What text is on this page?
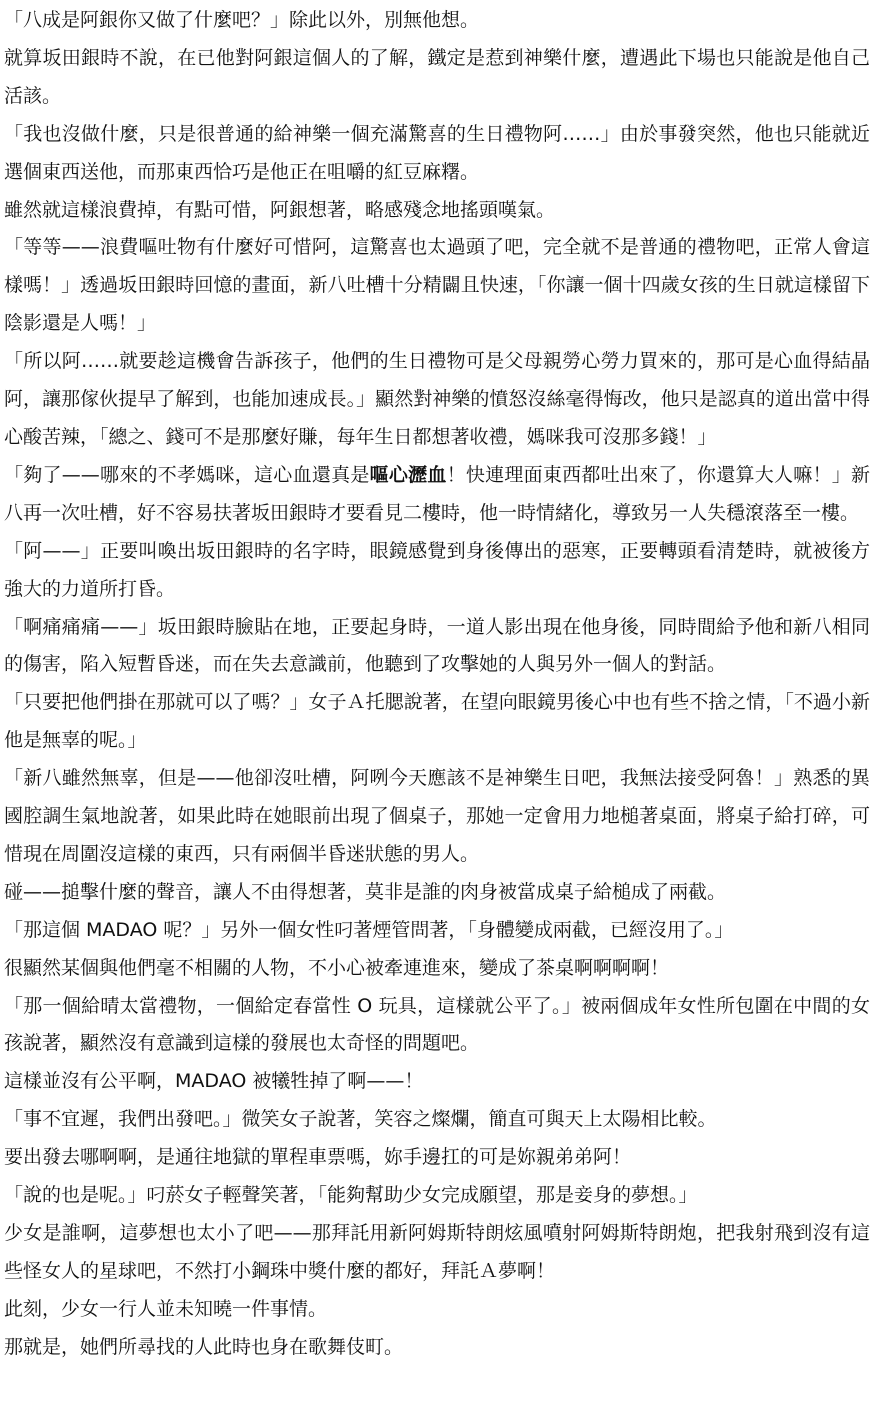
「八成是阿銀你又做了什麼吧？」除此以外，別無他想。

就算坂田銀時不說，在已他對阿銀這個人的了解，鐵定是惹到神樂什麼，遭遇此下場也只能說是他自己活該。

「我也沒做什麼，只是很普通的給神樂一個充滿驚喜的生日禮物阿……」由於事發突然，他也只能就近選個東西送他，而那東西恰巧是他正在咀嚼的紅豆麻糬。

雖然就這樣浪費掉，有點可惜，阿銀想著，略感殘念地搖頭嘆氣。

「等等——浪費嘔吐物有什麼好可惜阿，這驚喜也太過頭了吧，完全就不是普通的禮物吧，正常人會這樣嗎！」透過坂田銀時回憶的畫面，新八吐槽十分精闢且快速，「你讓一個十四歲女孩的生日就這樣留下陰影還是人嗎！」

「所以阿……就要趁這機會告訴孩子，他們的生日禮物可是父母親勞心勞力買來的，那可是心血得結晶阿，讓那傢伙提早了解到，也能加速成長。」顯然對神樂的憤怒沒絲毫得悔改，他只是認真的道出當中得心酸苦辣，「總之、錢可不是那麼好賺，每年生日都想著收禮，媽咪我可沒那多錢！」

「夠了——哪來的不孝媽咪，這心血還真是嘔心瀝血！快連理面東西都吐出來了，你還算大人嘛！」新八再一次吐槽，好不容易扶著坂田銀時才要看見二樓時，他一時情緒化，導致另一人失穩滾落至一樓。

「阿——」正要叫喚出坂田銀時的名字時，眼鏡感覺到身後傳出的惡寒，正要轉頭看清楚時，就被後方強大的力道所打昏。

「啊痛痛痛——」坂田銀時臉貼在地，正要起身時，一道人影出現在他身後，同時間給予他和新八相同的傷害，陷入短暫昏迷，而在失去意識前，他聽到了攻擊她的人與另外一個人的對話。

「只要把他們掛在那就可以了嗎？」女子Ａ托腮說著，在望向眼鏡男後心中也有些不捨之情，「不過小新他是無辜的呢。」

「新八雖然無辜，但是——他卻沒吐槽，阿咧今天應該不是神樂生日吧，我無法接受阿魯！」熟悉的異國腔調生氣地說著，如果此時在她眼前出現了個桌子，那她一定會用力地槌著桌面，將桌子給打碎，可惜現在周圍沒這樣的東西，只有兩個半昏迷狀態的男人。

碰——搥擊什麼的聲音，讓人不由得想著，莫非是誰的肉身被當成桌子給槌成了兩截。

「那這個 MADAO 呢？」另外一個女性叼著煙管問著，「身體變成兩截，已經沒用了。」

很顯然某個與他們毫不相關的人物，不小心被牽連進來，變成了茶桌啊啊啊啊！

「那一個給晴太當禮物，一個給定春當性 O 玩具，這樣就公平了。」被兩個成年女性所包圍在中間的女孩說著，顯然沒有意識到這樣的發展也太奇怪的問題吧。

這樣並沒有公平啊，MADAO 被犧牲掉了啊——！

「事不宜遲，我們出發吧。」微笑女子說著，笑容之燦爛，簡直可與天上太陽相比較。

要出發去哪啊啊，是通往地獄的單程車票嗎，妳手邊扛的可是妳親弟弟阿！

「說的也是呢。」叼菸女子輕聲笑著，「能夠幫助少女完成願望，那是妾身的夢想。」

少女是誰啊，這夢想也太小了吧——那拜託用新阿姆斯特朗炫風噴射阿姆斯特朗炮，把我射飛到沒有這些怪女人的星球吧，不然打小鋼珠中獎什麼的都好，拜託Ａ夢啊！

此刻，少女一行人並未知曉一件事情。

那就是，她們所尋找的人此時也身在歌舞伎町。
